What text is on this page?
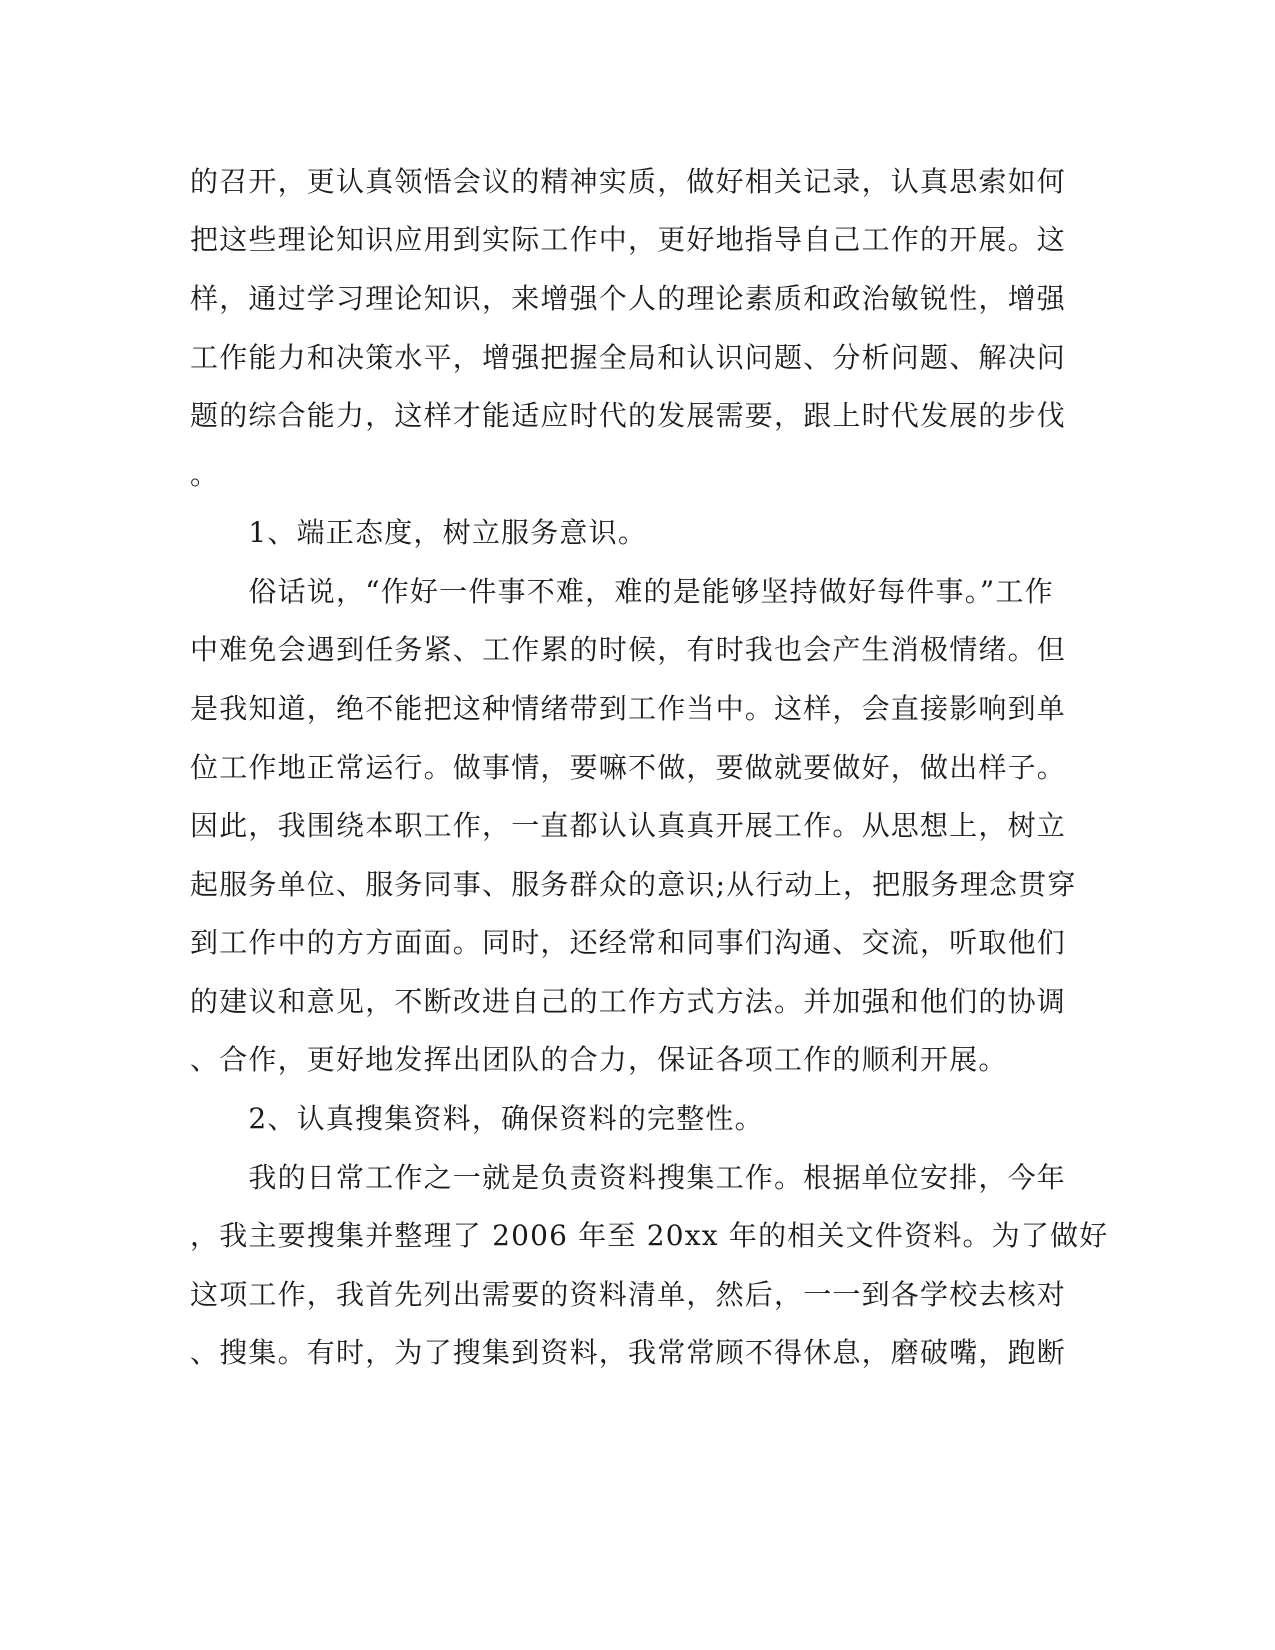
的召开，更认真领悟会议的精神实质，做好相关记录，认真思索如何
把这些理论知识应用到实际工作中，更好地指导自己工作的开展。这
样，通过学习理论知识，来增强个人的理论素质和政治敏锐性，增强
工作能力和决策水平，增强把握全局和认识问题、分析问题、解决问
题的综合能力，这样才能适应时代的发展需要，跟上时代发展的步伐
。
　　1、端正态度，树立服务意识。
　　俗话说，“作好一件事不难，难的是能够坚持做好每件事。”工作
中难免会遇到任务紧、工作累的时候，有时我也会产生消极情绪。但
是我知道，绝不能把这种情绪带到工作当中。这样，会直接影响到单
位工作地正常运行。做事情，要嘛不做，要做就要做好，做出样子。
因此，我围绕本职工作，一直都认认真真开展工作。从思想上，树立
起服务单位、服务同事、服务群众的意识;从行动上，把服务理念贯穿
到工作中的方方面面。同时，还经常和同事们沟通、交流，听取他们
的建议和意见，不断改进自己的工作方式方法。并加强和他们的协调
、合作，更好地发挥出团队的合力，保证各项工作的顺利开展。
　　2、认真搜集资料，确保资料的完整性。
　　我的日常工作之一就是负责资料搜集工作。根据单位安排，今年
，我主要搜集并整理了 2006 年至 20xx 年的相关文件资料。为了做好
这项工作，我首先列出需要的资料清单，然后，一一到各学校去核对
、搜集。有时，为了搜集到资料，我常常顾不得休息，磨破嘴，跑断
